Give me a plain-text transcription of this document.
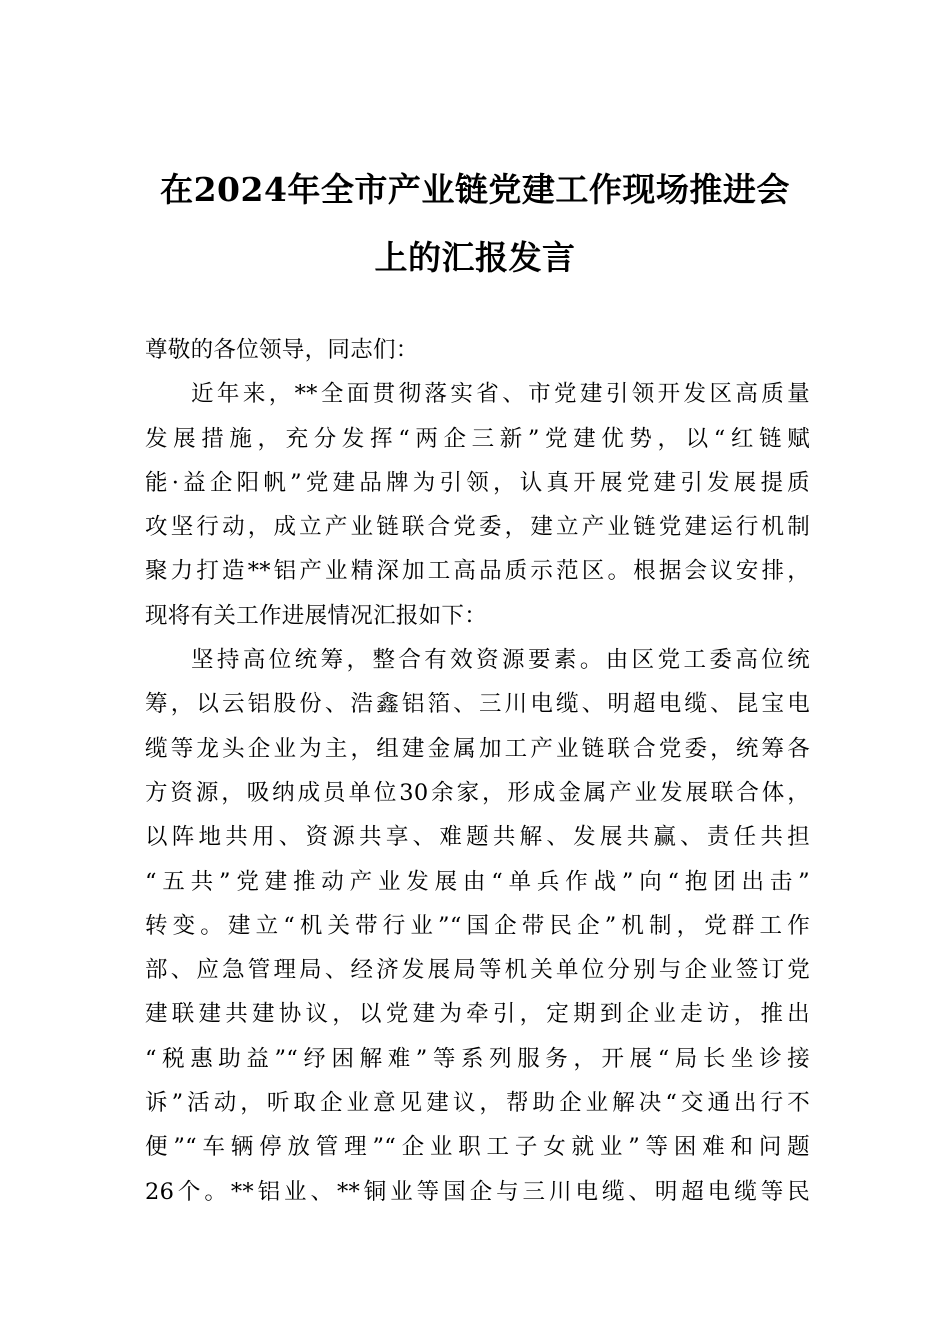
在2024年全市产业链党建工作现场推进会
上的汇报发言
尊敬的各位领导，同志们：
近年来，**全面贯彻落实省、市党建引领开发区高质量
发展措施，充分发挥“两企三新”党建优势，以“红链赋
能·益企阳帆”党建品牌为引领，认真开展党建引发展提质
攻坚行动，成立产业链联合党委，建立产业链党建运行机制
聚力打造**铝产业精深加工高品质示范区。根据会议安排，
现将有关工作进展情况汇报如下：
坚持高位统筹，整合有效资源要素。由区党工委高位统
筹，以云铝股份、浩鑫铝箔、三川电缆、明超电缆、昆宝电
缆等龙头企业为主，组建金属加工产业链联合党委，统筹各
方资源，吸纳成员单位30余家，形成金属产业发展联合体，
以阵地共用、资源共享、难题共解、发展共赢、责任共担
“五共”党建推动产业发展由“单兵作战”向“抱团出击”
转变。建立“机关带行业”“国企带民企”机制，党群工作
部、应急管理局、经济发展局等机关单位分别与企业签订党
建联建共建协议，以党建为牵引，定期到企业走访，推出
“税惠助益”“纾困解难”等系列服务，开展“局长坐诊接
诉”活动，听取企业意见建议，帮助企业解决“交通出行不
便”“车辆停放管理”“企业职工子女就业”等困难和问题
26个。**铝业、**铜业等国企与三川电缆、明超电缆等民
